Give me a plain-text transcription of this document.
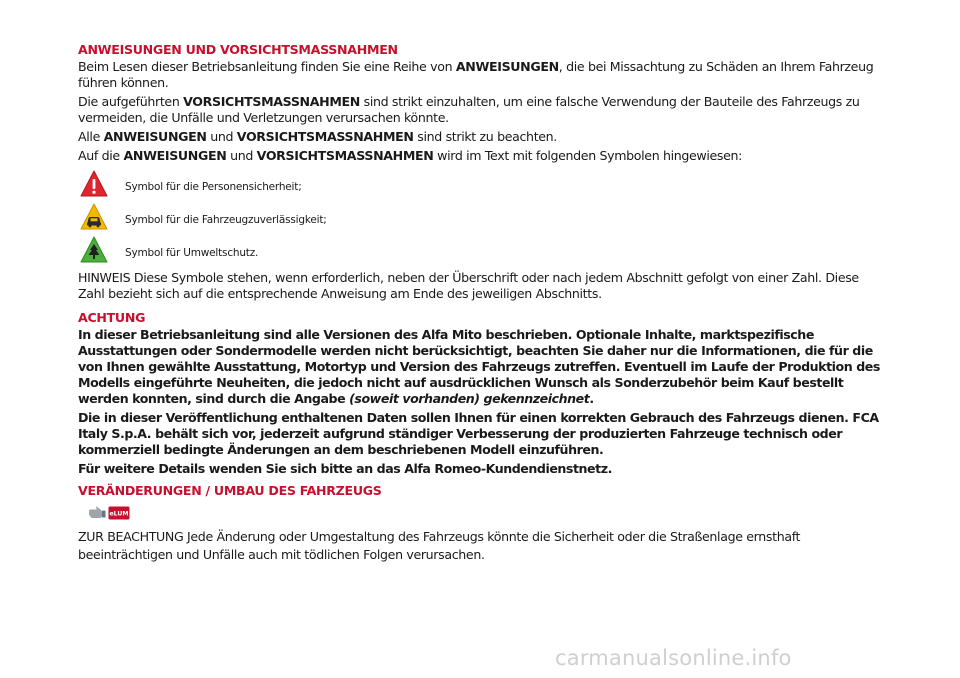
ANWEISUNGEN UND VORSICHTSMASSNAHMEN

Beim Lesen dieser Betriebsanleitung finden Sie eine Reihe von ANWEISUNGEN, die bei Missachtung zu Schäden an Ihrem Fahrzeug führen können.

Die aufgeführten VORSICHTSMASSNAHMEN sind strikt einzuhalten, um eine falsche Verwendung der Bauteile des Fahrzeugs zu vermeiden, die Unfälle und Verletzungen verursachen könnte.

Alle ANWEISUNGEN und VORSICHTSMASSNAHMEN sind strikt zu beachten.

Auf die ANWEISUNGEN und VORSICHTSMASSNAHMEN wird im Text mit folgenden Symbolen hingewiesen:

Symbol für die Personensicherheit;
Symbol für die Fahrzeugzuverlässigkeit;
Symbol für Umweltschutz.

HINWEIS Diese Symbole stehen, wenn erforderlich, neben der Überschrift oder nach jedem Abschnitt gefolgt von einer Zahl. Diese Zahl bezieht sich auf die entsprechende Anweisung am Ende des jeweiligen Abschnitts.

ACHTUNG
In dieser Betriebsanleitung sind alle Versionen des Alfa Mito beschrieben. Optionale Inhalte, marktspezifische Ausstattungen oder Sondermodelle werden nicht berücksichtigt, beachten Sie daher nur die Informationen, die für die von Ihnen gewählte Ausstattung, Motortyp und Version des Fahrzeugs zutreffen. Eventuell im Laufe der Produktion des Modells eingeführte Neuheiten, die jedoch nicht auf ausdrücklichen Wunsch als Sonderzubehör beim Kauf bestellt werden konnten, sind durch die Angabe (soweit vorhanden) gekennzeichnet.
Die in dieser Veröffentlichung enthaltenen Daten sollen Ihnen für einen korrekten Gebrauch des Fahrzeugs dienen. FCA Italy S.p.A. behält sich vor, jederzeit aufgrund ständiger Verbesserung der produzierten Fahrzeuge technisch oder kommerziell bedingte Änderungen an dem beschriebenen Modell einzuführen.
Für weitere Details wenden Sie sich bitte an das Alfa Romeo-Kundendienstnetz.
VERÄNDERUNGEN / UMBAU DES FAHRZEUGS
eLUM

ZUR BEACHTUNG Jede Änderung oder Umgestaltung des Fahrzeugs könnte die Sicherheit oder die Straßenlage ernsthaft beeinträchtigen und Unfälle auch mit tödlichen Folgen verursachen.

carmanualsonline.info
